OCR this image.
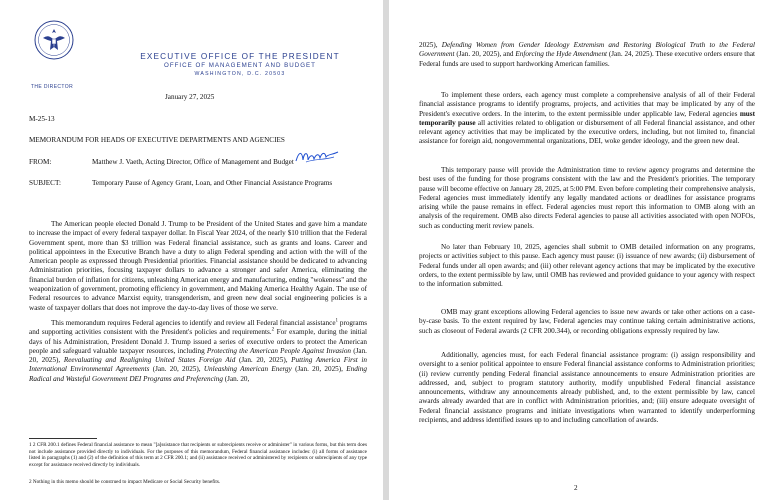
THE DIRECTOR
EXECUTIVE OFFICE OF THE PRESIDENT
OFFICE OF MANAGEMENT AND BUDGET
WASHINGTON, D.C. 20503
January 27, 2025
M-25-13
MEMORANDUM FOR HEADS OF EXECUTIVE DEPARTMENTS AND AGENCIES
FROM:	Matthew J. Vaeth, Acting Director, Office of Management and Budget
SUBJECT:	Temporary Pause of Agency Grant, Loan, and Other Financial Assistance Programs
The American people elected Donald J. Trump to be President of the United States and gave him a mandate to increase the impact of every federal taxpayer dollar. In Fiscal Year 2024, of the nearly $10 trillion that the Federal Government spent, more than $3 trillion was Federal financial assistance, such as grants and loans. Career and political appointees in the Executive Branch have a duty to align Federal spending and action with the will of the American people as expressed through Presidential priorities. Financial assistance should be dedicated to advancing Administration priorities, focusing taxpayer dollars to advance a stronger and safer America, eliminating the financial burden of inflation for citizens, unleashing American energy and manufacturing, ending "wokeness" and the weaponization of government, promoting efficiency in government, and Making America Healthy Again. The use of Federal resources to advance Marxist equity, transgenderism, and green new deal social engineering policies is a waste of taxpayer dollars that does not improve the day-to-day lives of those we serve.
This memorandum requires Federal agencies to identify and review all Federal financial assistance$^1$ programs and supporting activities consistent with the President's policies and requirements.$^2$ For example, during the initial days of his Administration, President Donald J. Trump issued a series of executive orders to protect the American people and safeguard valuable taxpayer resources, including Protecting the American People Against Invasion (Jan. 20, 2025), Reevaluating and Realigning United States Foreign Aid (Jan. 20, 2025), Putting America First in International Environmental Agreements (Jan. 20, 2025), Unleashing American Energy (Jan. 20, 2025), Ending Radical and Wasteful Government DEI Programs and Preferencing (Jan. 20,
1 2 CFR 200.1 defines Federal financial assistance to mean "[a]ssistance that recipients or subrecipients receive or administer" in various forms, but this term does not include assistance provided directly to individuals. For the purposes of this memorandum, Federal financial assistance includes: (i) all forms of assistance listed in paragraphs (1) and (2) of the definition of this term at 2 CFR 200.1; and (ii) assistance received or administered by recipients or subrecipients of any type except for assistance received directly by individuals.
2 Nothing in this memo should be construed to impact Medicare or Social Security benefits.
2025), Defending Women from Gender Ideology Extremism and Restoring Biological Truth to the Federal Government (Jan. 20, 2025), and Enforcing the Hyde Amendment (Jan. 24, 2025). These executive orders ensure that Federal funds are used to support hardworking American families.
To implement these orders, each agency must complete a comprehensive analysis of all of their Federal financial assistance programs to identify programs, projects, and activities that may be implicated by any of the President's executive orders. In the interim, to the extent permissible under applicable law, Federal agencies must temporarily pause all activities related to obligation or disbursement of all Federal financial assistance, and other relevant agency activities that may be implicated by the executive orders, including, but not limited to, financial assistance for foreign aid, nongovernmental organizations, DEI, woke gender ideology, and the green new deal.
This temporary pause will provide the Administration time to review agency programs and determine the best uses of the funding for those programs consistent with the law and the President's priorities. The temporary pause will become effective on January 28, 2025, at 5:00 PM. Even before completing their comprehensive analysis, Federal agencies must immediately identify any legally mandated actions or deadlines for assistance programs arising while the pause remains in effect. Federal agencies must report this information to OMB along with an analysis of the requirement. OMB also directs Federal agencies to pause all activities associated with open NOFOs, such as conducting merit review panels.
No later than February 10, 2025, agencies shall submit to OMB detailed information on any programs, projects or activities subject to this pause. Each agency must pause: (i) issuance of new awards; (ii) disbursement of Federal funds under all open awards; and (iii) other relevant agency actions that may be implicated by the executive orders, to the extent permissible by law, until OMB has reviewed and provided guidance to your agency with respect to the information submitted.
OMB may grant exceptions allowing Federal agencies to issue new awards or take other actions on a case-by-case basis. To the extent required by law, Federal agencies may continue taking certain administrative actions, such as closeout of Federal awards (2 CFR 200.344), or recording obligations expressly required by law.
Additionally, agencies must, for each Federal financial assistance program: (i) assign responsibility and oversight to a senior political appointee to ensure Federal financial assistance conforms to Administration priorities; (ii) review currently pending Federal financial assistance announcements to ensure Administration priorities are addressed, and, subject to program statutory authority, modify unpublished Federal financial assistance announcements, withdraw any announcements already published, and, to the extent permissible by law, cancel awards already awarded that are in conflict with Administration priorities, and; (iii) ensure adequate oversight of Federal financial assistance programs and initiate investigations when warranted to identify underperforming recipients, and address identified issues up to and including cancellation of awards.
2
